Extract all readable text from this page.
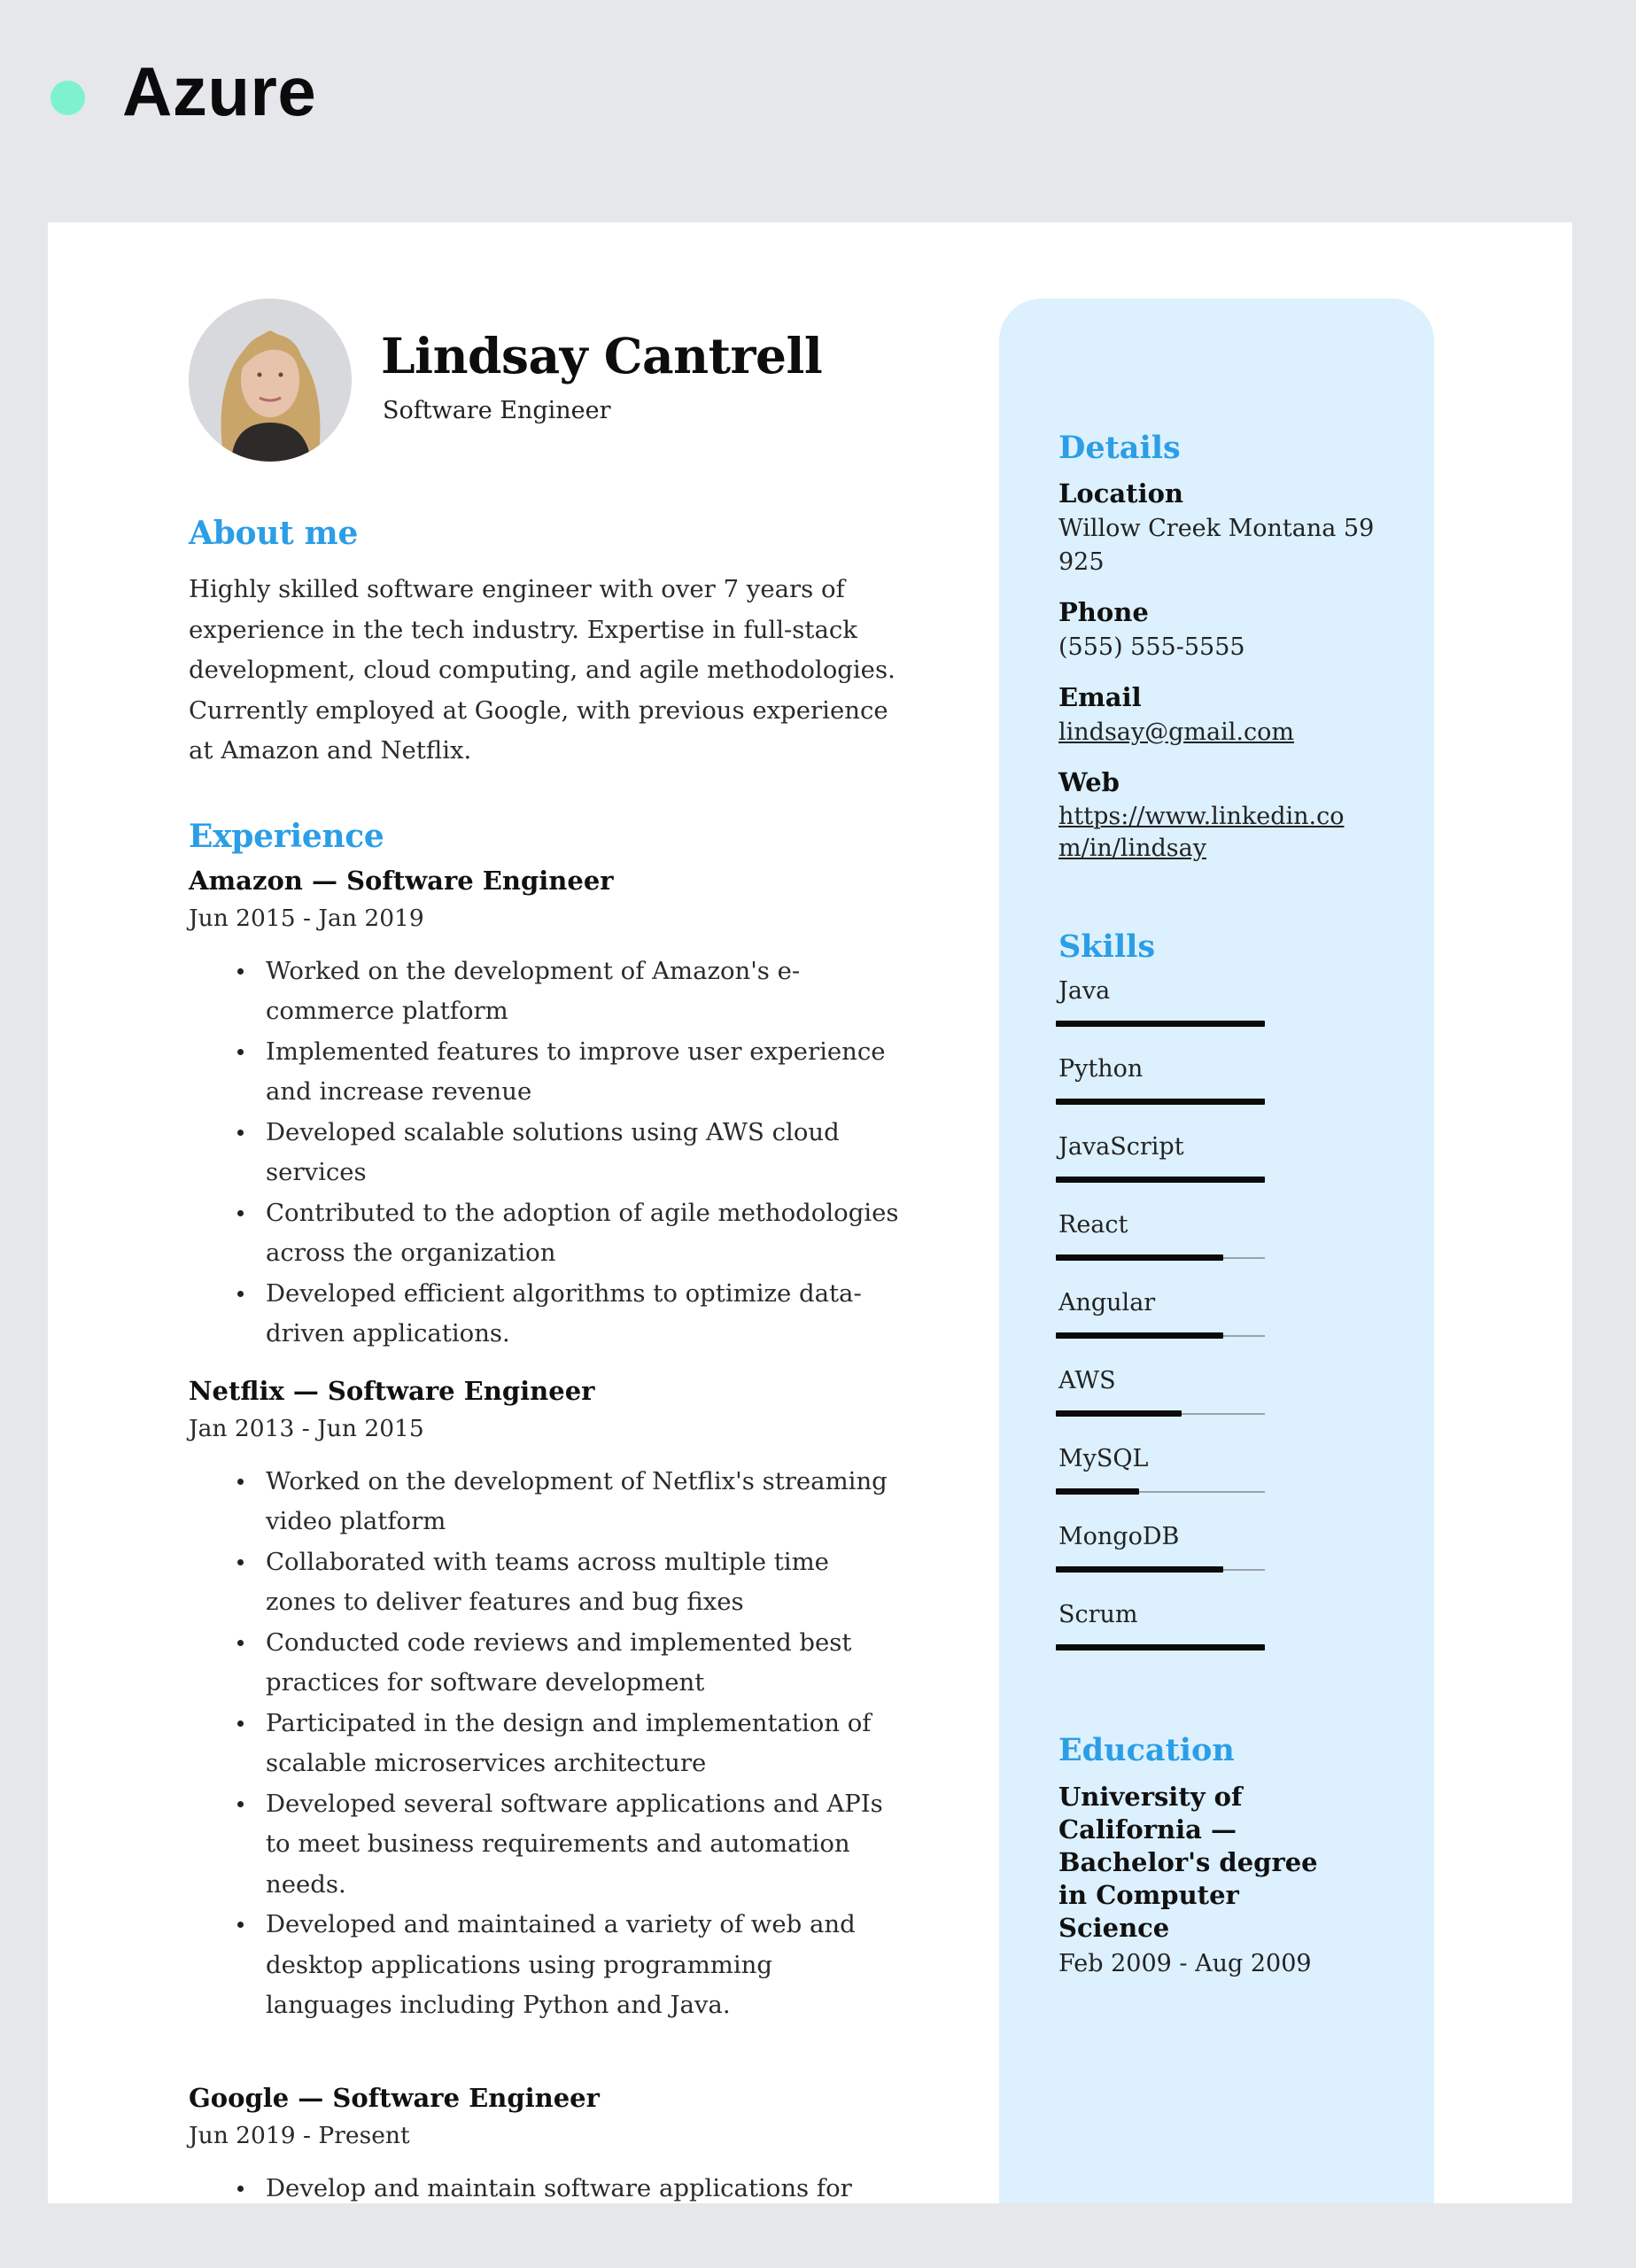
Azure
Lindsay Cantrell
Software Engineer
About me

Highly skilled software engineer with over 7 years of experience in the tech industry. Expertise in full-stack development, cloud computing, and agile methodologies. Currently employed at Google, with previous experience at Amazon and Netflix.

Experience

Amazon — Software Engineer

Jun 2015 - Jan 2019

Worked on the development of Amazon's e-commerce platform
Implemented features to improve user experience and increase revenue
Developed scalable solutions using AWS cloud services
Contributed to the adoption of agile methodologies across the organization
Developed efficient algorithms to optimize data-driven applications.

Netflix — Software Engineer

Jan 2013 - Jun 2015

Worked on the development of Netflix's streaming video platform
Collaborated with teams across multiple time zones to deliver features and bug fixes
Conducted code reviews and implemented best practices for software development
Participated in the design and implementation of scalable microservices architecture
Developed several software applications and APIs to meet business requirements and automation needs.
Developed and maintained a variety of web and desktop applications using programming languages including Python and Java.

Google — Software Engineer

Jun 2019 - Present

Develop and maintain software applications for
Details

Location

Willow Creek Montana 59 925

Phone

(555) 555-5555

Email

lindsay@gmail.com

Web

https://www.linkedin.com/in/lindsay

Skills

Java

Python

JavaScript

React

Angular

AWS

MySQL

MongoDB

Scrum

Education

University of California — Bachelor's degree in Computer Science

Feb 2009 - Aug 2009
